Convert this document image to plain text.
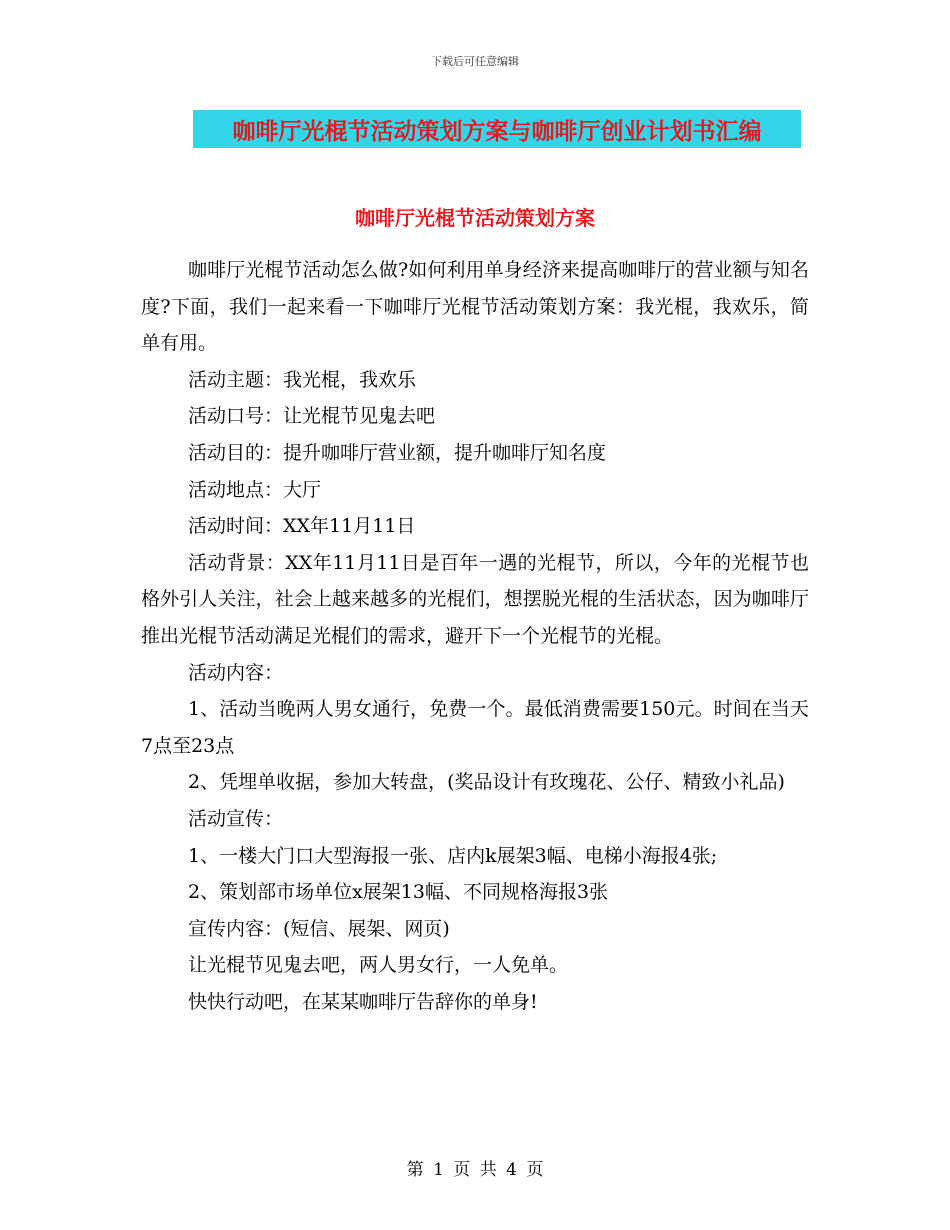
下载后可任意编辑
咖啡厅光棍节活动策划方案与咖啡厅创业计划书汇编
咖啡厅光棍节活动策划方案

咖啡厅光棍节活动怎么做?如何利用单身经济来提高咖啡厅的营业额与知名度?下面，我们一起来看一下咖啡厅光棍节活动策划方案：我光棍，我欢乐，简单有用。

活动主题：我光棍，我欢乐

活动口号：让光棍节见鬼去吧

活动目的：提升咖啡厅营业额，提升咖啡厅知名度

活动地点：大厅

活动时间：XX年11月11日

活动背景：XX年11月11日是百年一遇的光棍节，所以，今年的光棍节也格外引人关注，社会上越来越多的光棍们，想摆脱光棍的生活状态，因为咖啡厅推出光棍节活动满足光棍们的需求，避开下一个光棍节的光棍。

活动内容：

1、活动当晚两人男女通行，免费一个。最低消费需要150元。时间在当天7点至23点

2、凭埋单收据，参加大转盘，(奖品设计有玫瑰花、公仔、精致小礼品)

活动宣传：

1、一楼大门口大型海报一张、店内k展架3幅、电梯小海报4张;

2、策划部市场单位x展架13幅、不同规格海报3张

宣传内容：(短信、展架、网页)

让光棍节见鬼去吧，两人男女行，一人免单。

快快行动吧，在某某咖啡厅告辞你的单身!

第 1 页 共 4 页
